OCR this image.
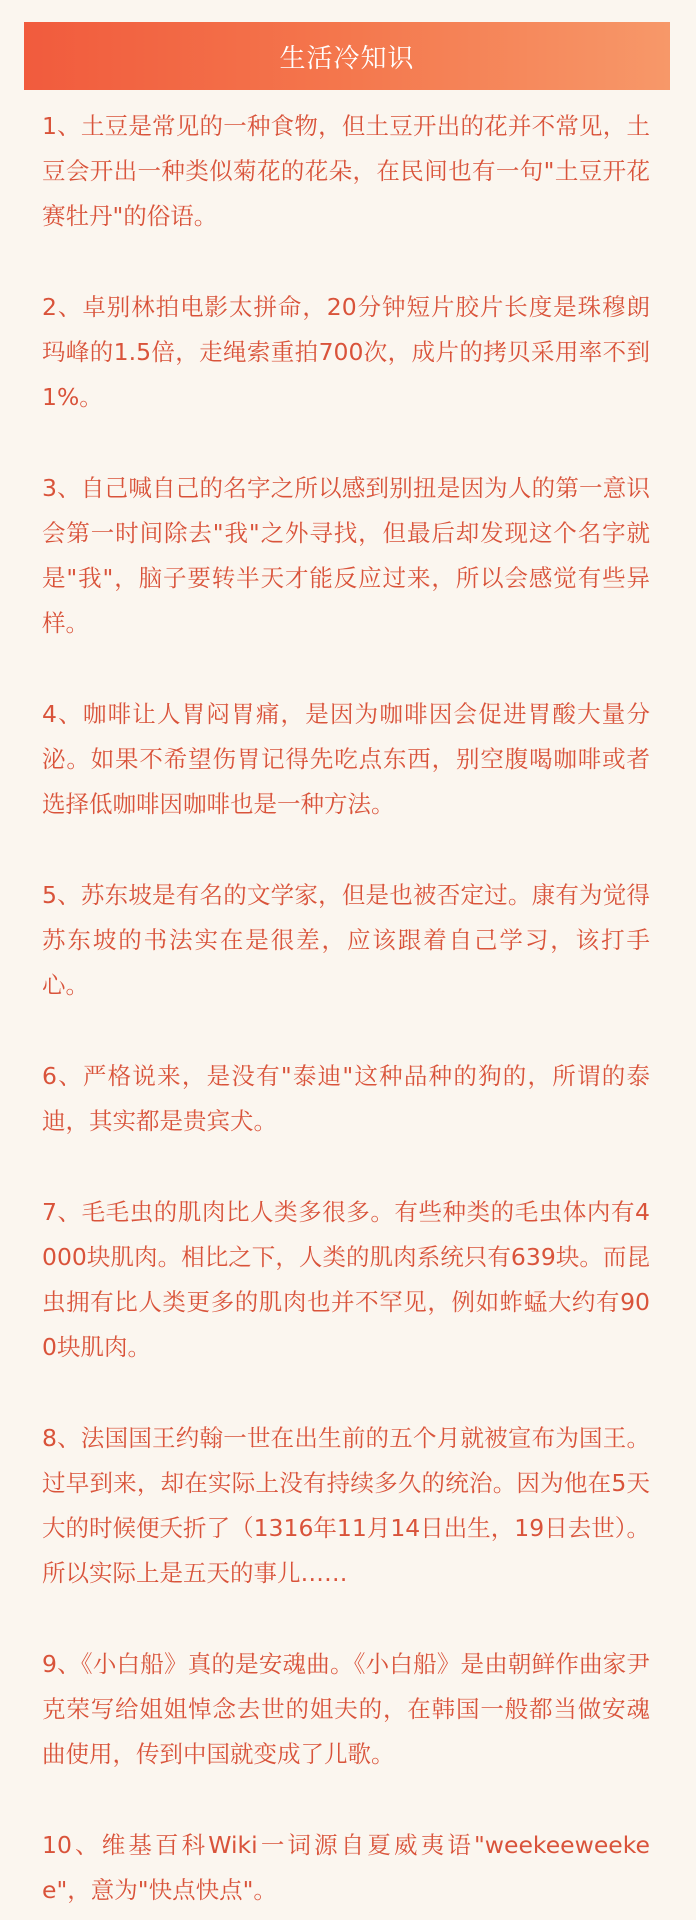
生活冷知识

1、土豆是常见的一种食物，但土豆开出的花并不常见，土豆会开出一种类似菊花的花朵，在民间也有一句"土豆开花赛牡丹"的俗语。

2、卓别林拍电影太拼命，20分钟短片胶片长度是珠穆朗玛峰的1.5倍，走绳索重拍700次，成片的拷贝采用率不到1%。

3、自己喊自己的名字之所以感到别扭是因为人的第一意识会第一时间除去"我"之外寻找，但最后却发现这个名字就是"我"，脑子要转半天才能反应过来，所以会感觉有些异样。

4、咖啡让人胃闷胃痛，是因为咖啡因会促进胃酸大量分泌。如果不希望伤胃记得先吃点东西，别空腹喝咖啡或者选择低咖啡因咖啡也是一种方法。

5、苏东坡是有名的文学家，但是也被否定过。康有为觉得苏东坡的书法实在是很差，应该跟着自己学习，该打手心。

6、严格说来，是没有"泰迪"这种品种的狗的，所谓的泰迪，其实都是贵宾犬。

7、毛毛虫的肌肉比人类多很多。有些种类的毛虫体内有4000块肌肉。相比之下，人类的肌肉系统只有639块。而昆虫拥有比人类更多的肌肉也并不罕见，例如蚱蜢大约有900块肌肉。

8、法国国王约翰一世在出生前的五个月就被宣布为国王。过早到来，却在实际上没有持续多久的统治。因为他在5天大的时候便夭折了（1316年11月14日出生，19日去世）。所以实际上是五天的事儿……

9、《小白船》真的是安魂曲。《小白船》是由朝鲜作曲家尹克荣写给姐姐悼念去世的姐夫的，在韩国一般都当做安魂曲使用，传到中国就变成了儿歌。

10、维基百科Wiki一词源自夏威夷语"weekeeweekee"，意为"快点快点"。
